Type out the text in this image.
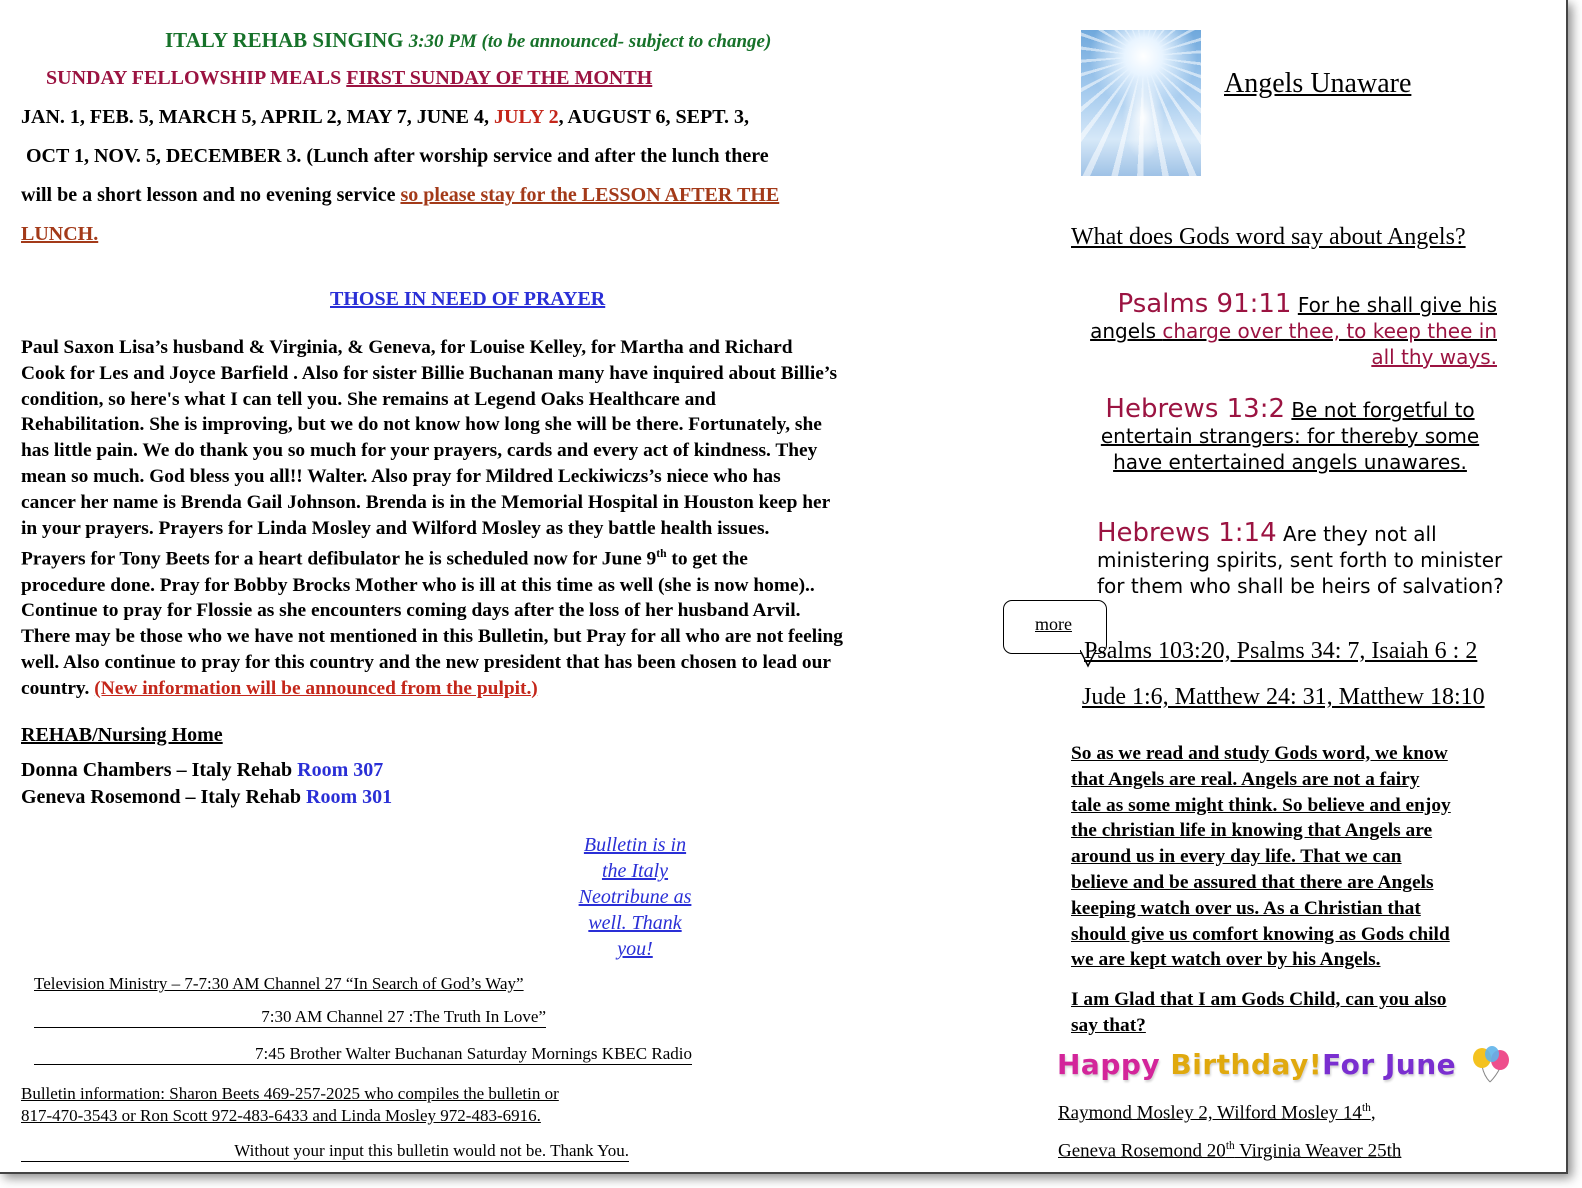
ITALY REHAB SINGING 3:30 PM (to be announced- subject to change)
SUNDAY FELLOWSHIP MEALS FIRST SUNDAY OF THE MONTH
JAN. 1, FEB. 5, MARCH 5, APRIL 2, MAY 7, JUNE 4, JULY 2, AUGUST 6, SEPT. 3,
OCT 1, NOV. 5, DECEMBER 3. (Lunch after worship service and after the lunch there
will be a short lesson and no evening service so please stay for the LESSON AFTER THE
LUNCH.
THOSE IN NEED OF PRAYER

Paul Saxon Lisa’s husband & Virginia, & Geneva, for Louise Kelley, for Martha and Richard

Cook for Les and Joyce Barfield . Also for sister Billie Buchanan many have inquired about Billie’s

condition, so here's what I can tell you. She remains at Legend Oaks Healthcare and

Rehabilitation. She is improving, but we do not know how long she will be there. Fortunately, she

has little pain. We do thank you so much for your prayers, cards and every act of kindness. They

mean so much. God bless you all!! Walter. Also pray for Mildred Leckiwiczs’s niece who has

cancer her name is Brenda Gail Johnson. Brenda is in the Memorial Hospital in Houston keep her

in your prayers. Prayers for Linda Mosley and Wilford Mosley as they battle health issues.

Prayers for Tony Beets for a heart defibulator he is scheduled now for June 9th to get the

procedure done. Pray for Bobby Brocks Mother who is ill at this time as well (she is now home)..

Continue to pray for Flossie as she encounters coming days after the loss of her husband Arvil.

There may be those who we have not mentioned in this Bulletin, but Pray for all who are not feeling

well. Also continue to pray for this country and the new president that has been chosen to lead our

country. (New information will be announced from the pulpit.)

REHAB/Nursing Home
Donna Chambers – Italy Rehab Room 307
Geneva Rosemond – Italy Rehab Room 301
Bulletin is in
the Italy
Neotribune as
well. Thank
you!
Television Ministry – 7-7:30 AM Channel 27 “In Search of God’s Way”
7:30 AM Channel 27 :The Truth In Love”
7:45 Brother Walter Buchanan Saturday Mornings KBEC Radio
Bulletin information: Sharon Beets 469-257-2025 who compiles the bulletin or
817-470-3543 or Ron Scott 972-483-6433 and Linda Mosley 972-483-6916.
Without your input this bulletin would not be. Thank You.
Angels Unaware
What does Gods word say about Angels?
Psalms 91:11 For he shall give his
angels charge over thee, to keep thee in
all thy ways.
Hebrews 13:2 Be not forgetful to
entertain strangers: for thereby some
have entertained angels unawares.
Hebrews 1:14 Are they not all
ministering spirits, sent forth to minister
for them who shall be heirs of salvation?
more
Psalms 103:20, Psalms 34: 7, Isaiah 6 : 2
Jude 1:6, Matthew 24: 31, Matthew 18:10

So as we read and study Gods word, we know

that Angels are real. Angels are not a fairy

tale as some might think. So believe and enjoy

the christian life in knowing that Angels are

around us in every day life. That we can

believe and be assured that there are Angels

keeping watch over us. As a Christian that

should give us comfort knowing as Gods child

we are kept watch over by his Angels.

I am Glad that I am Gods Child, can you also

say that?

Happy Birthday!For June
Raymond Mosley 2, Wilford Mosley 14th,
Geneva Rosemond 20th Virginia Weaver 25th
